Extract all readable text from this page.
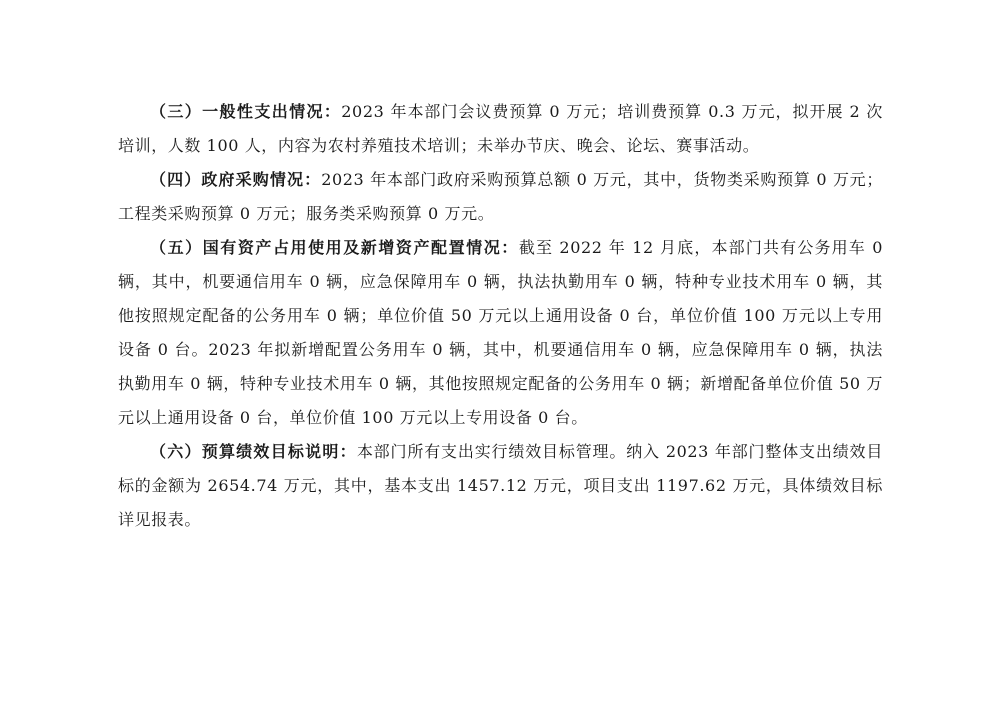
（三）一般性支出情况：2023 年本部门会议费预算 0 万元；培训费预算 0.3 万元，拟开展 2 次培训，人数 100 人，内容为农村养殖技术培训；未举办节庆、晚会、论坛、赛事活动。

（四）政府采购情况：2023 年本部门政府采购预算总额 0 万元，其中，货物类采购预算 0 万元；工程类采购预算 0 万元；服务类采购预算 0 万元。

（五）国有资产占用使用及新增资产配置情况：截至 2022 年 12 月底，本部门共有公务用车 0 辆，其中，机要通信用车 0 辆，应急保障用车 0 辆，执法执勤用车 0 辆，特种专业技术用车 0 辆，其他按照规定配备的公务用车 0 辆；单位价值 50 万元以上通用设备 0 台，单位价值 100 万元以上专用设备 0 台。2023 年拟新增配置公务用车 0 辆，其中，机要通信用车 0 辆，应急保障用车 0 辆，执法执勤用车 0 辆，特种专业技术用车 0 辆，其他按照规定配备的公务用车 0 辆；新增配备单位价值 50 万元以上通用设备 0 台，单位价值 100 万元以上专用设备 0 台。

（六）预算绩效目标说明：本部门所有支出实行绩效目标管理。纳入 2023 年部门整体支出绩效目标的金额为 2654.74 万元，其中，基本支出 1457.12 万元，项目支出 1197.62 万元，具体绩效目标详见报表。
